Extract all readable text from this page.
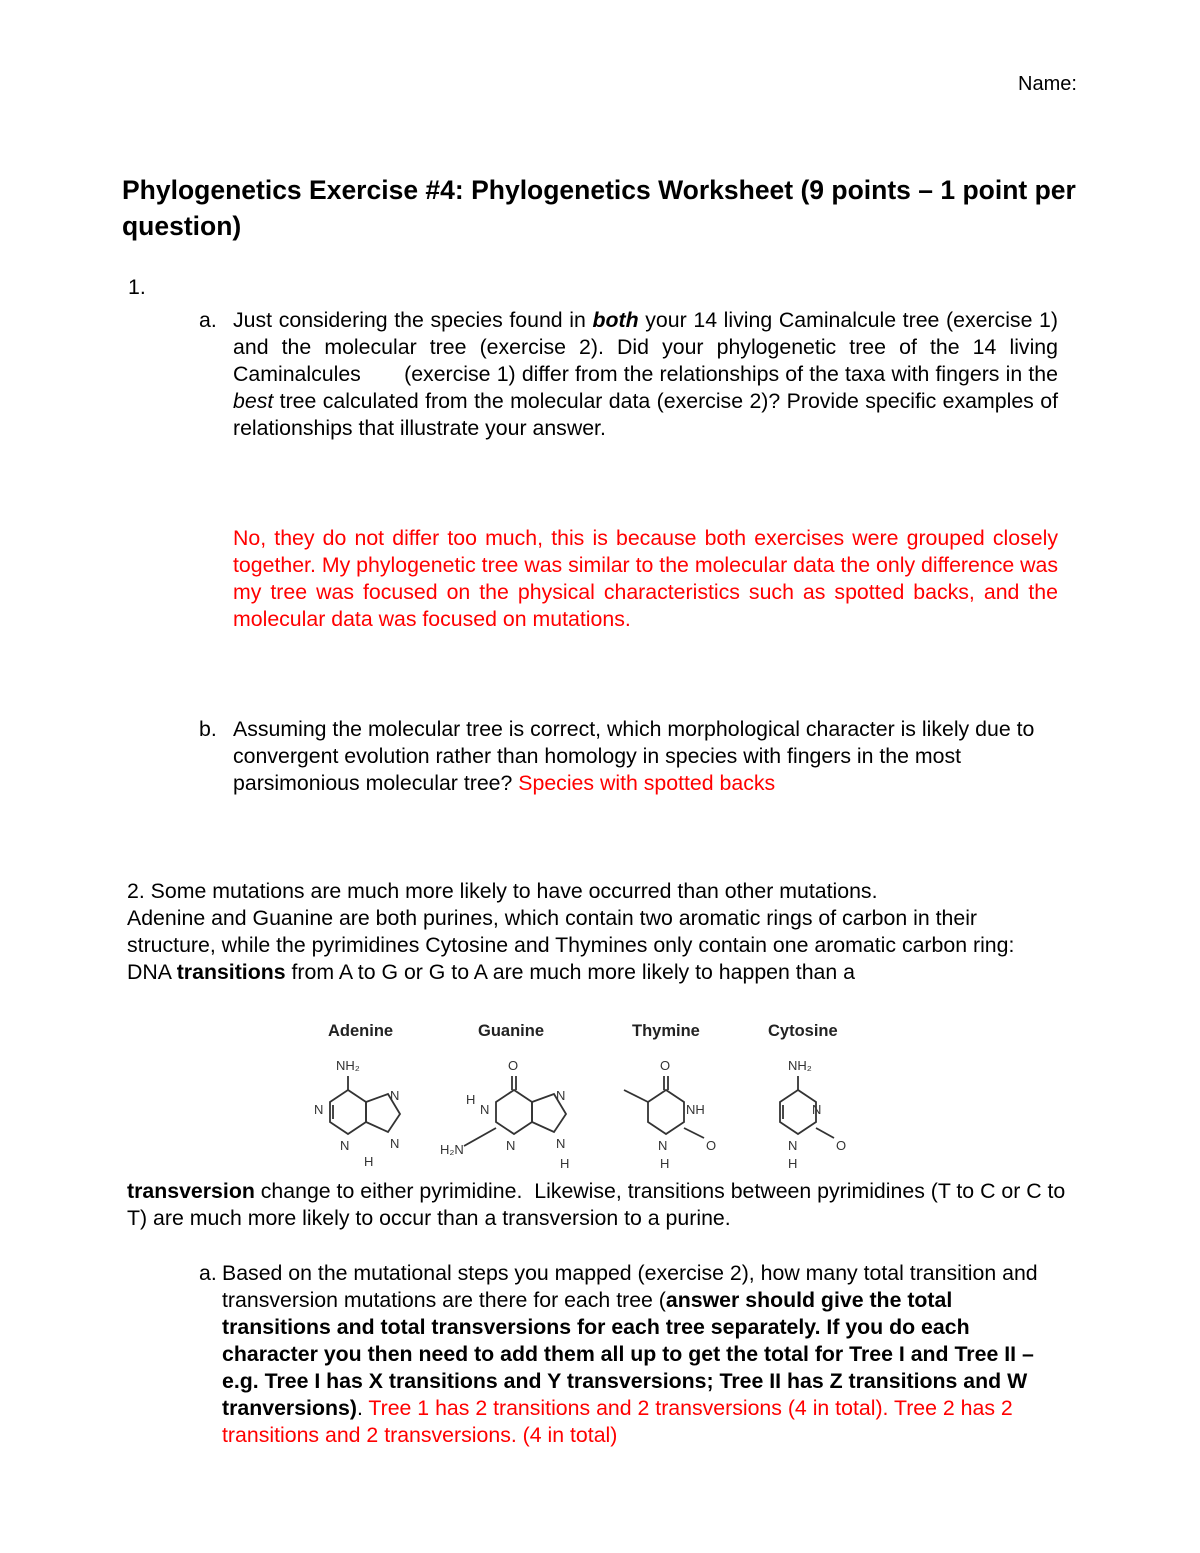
Name:
Phylogenetics Exercise #4: Phylogenetics Worksheet (9 points – 1 point per question)
1.
a. Just considering the species found in both your 14 living Caminalcule tree (exercise 1) and the molecular tree (exercise 2). Did your phylogenetic tree of the 14 living Caminalcules       (exercise 1) differ from the relationships of the taxa with fingers in the best tree calculated from the molecular data (exercise 2)? Provide specific examples of relationships that illustrate your answer.
No, they do not differ too much, this is because both exercises were grouped closely together. My phylogenetic tree was similar to the molecular data the only difference was my tree was focused on the physical characteristics such as spotted backs, and the molecular data was focused on mutations.
b. Assuming the molecular tree is correct, which morphological character is likely due to convergent evolution rather than homology in species with fingers in the most parsimonious molecular tree? Species with spotted backs
2. Some mutations are much more likely to have occurred than other mutations.
Adenine and Guanine are both purines, which contain two aromatic rings of carbon in their structure, while the pyrimidines Cytosine and Thymines only contain one aromatic carbon ring:
DNA transitions from A to G or G to A are much more likely to happen than a
Adenine
NH₂
N
N
N
N
H
Guanine
O
H
N
H₂N	N
N
N
H
Thymine
O
NH
O
N
H
Cytosine
NH₂
N
O
N
H
transversion change to either pyrimidine.  Likewise, transitions between pyrimidines (T to C or C to T) are much more likely to occur than a transversion to a purine.
a. Based on the mutational steps you mapped (exercise 2), how many total transition and transversion mutations are there for each tree (answer should give the total transitions and total transversions for each tree separately. If you do each character you then need to add them all up to get the total for Tree I and Tree II – e.g. Tree I has X transitions and Y transversions; Tree II has Z transitions and W tranversions). Tree 1 has 2 transitions and 2 transversions (4 in total). Tree 2 has 2 transitions and 2 transversions. (4 in total)
